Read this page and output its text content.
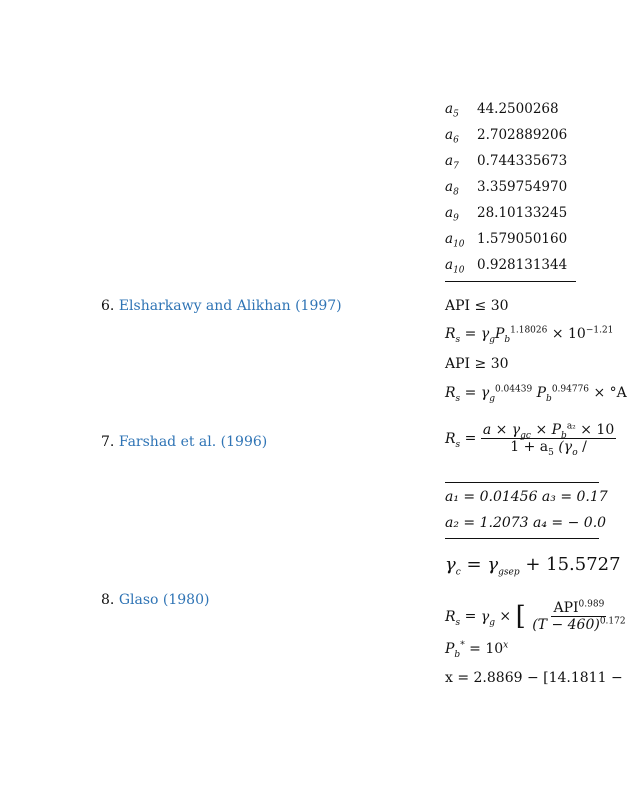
$a_5$	44.2500268
$a_6$	2.702889206
$a_7$	0.744335673
$a_8$	3.359754970
$a_9$	28.10133245
$a_{10}$ 1.579050160
$a_{10}$ 0.928131344
6. Elsharkawy and Alikhan (1997)
7. Farshad et al. (1996)
8. Glaso (1980)
API ≤ 30
$R_s = \gamma_gP_b^{1.18026} \times 10^{-1.21}$
API ≥ 30
$R_s = \gamma_g^{0.04439}$ $P_b^{0.94776} \times ^\circ A$
$R_s = \frac{a \times \gamma_{gc} \times P_b^{a_2} \times 10}{1 + a_5 (\gamma_o /}$
a₁ = 0.01456 a₃ = 0.17
a₂ = 1.2073 a₄ = − 0.0
$\gamma_c = \gamma_{gsep} + 15.5727$
$R_s = \gamma_g$ × [ $\frac{API^{0.989}}{(T - 460)^{0.172}}$
$P_b^* = 10^x$
x = 2.8869 − [14.1811 −
